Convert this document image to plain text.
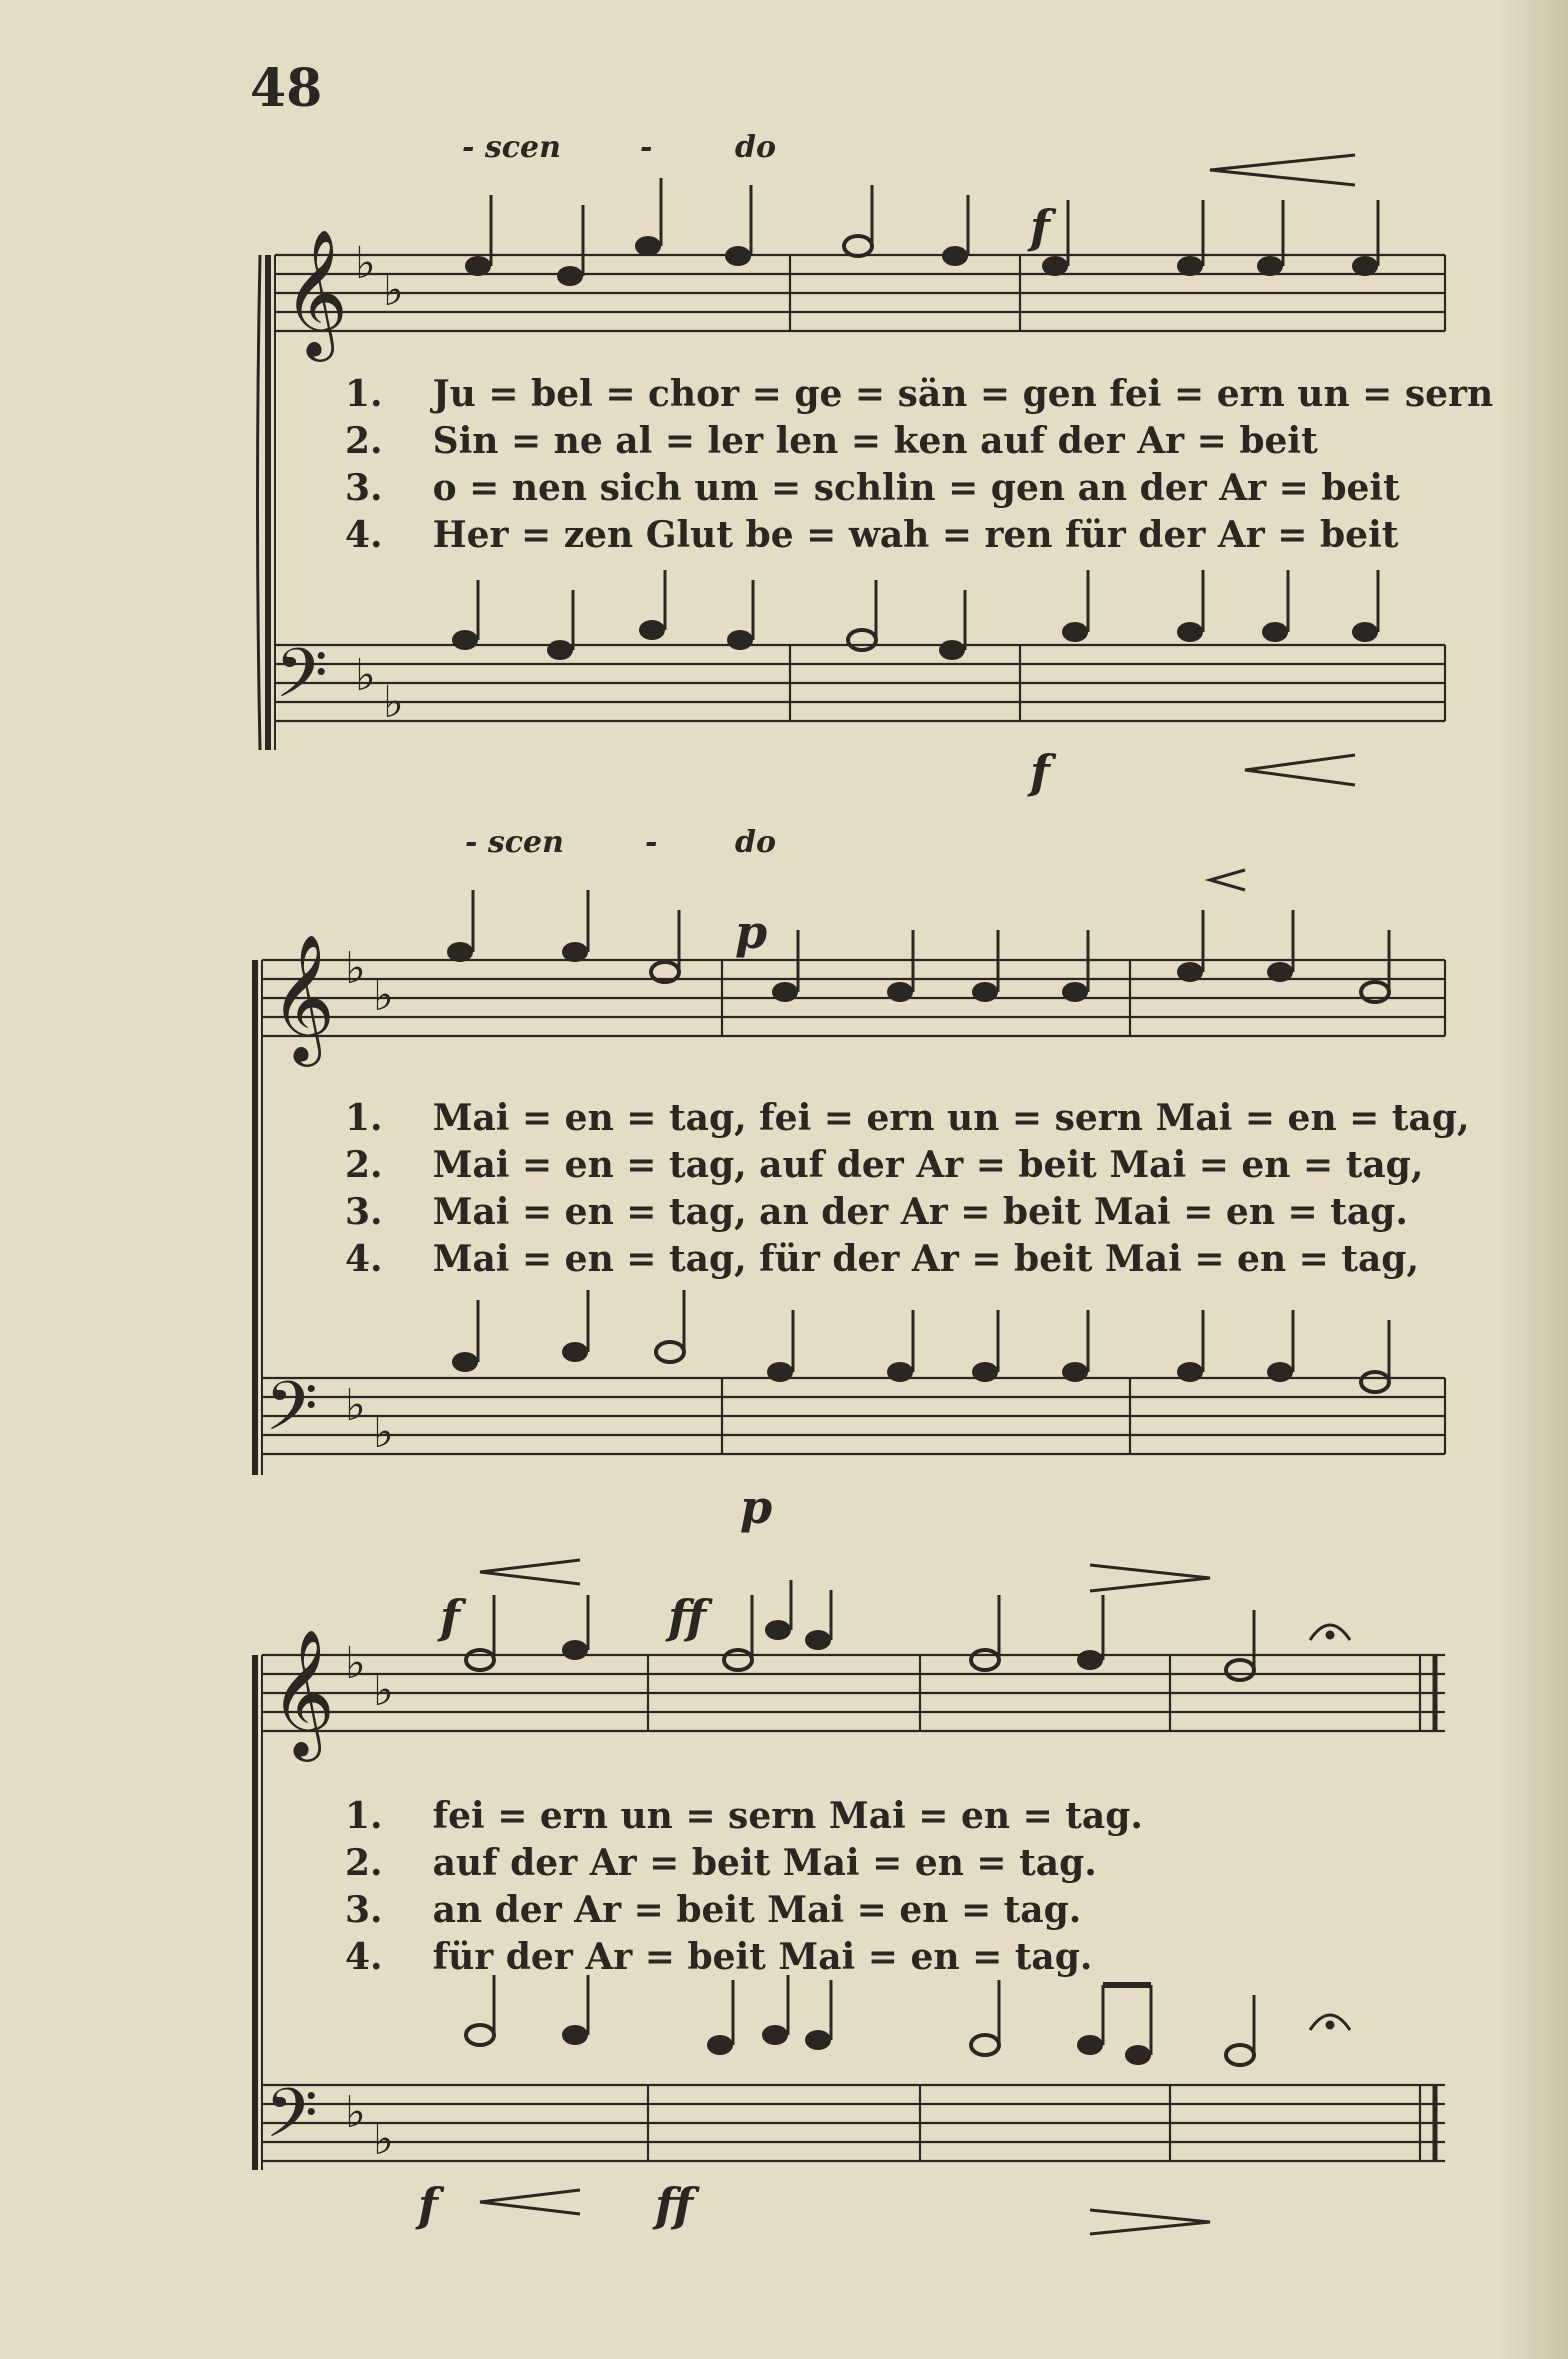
48
- scen	-	do
f
f
1. Ju = bel = chor = ge = sän = gen fei = ern un = sern
2. Sin = ne al = ler len = ken auf der Ar = beit
3. o = nen sich um = schlin = gen an der Ar = beit
4. Her = zen Glut be = wah = ren für der Ar = beit
- scen	-	do
p
p
1. Mai = en = tag, fei = ern un = sern Mai = en = tag,
2. Mai = en = tag, auf der Ar = beit Mai = en = tag,
3. Mai = en = tag, an der Ar = beit Mai = en = tag.
4. Mai = en = tag, für der Ar = beit Mai = en = tag,
f	ff
f	ff
1. fei = ern un = sern Mai = en = tag.
2. auf der Ar = beit Mai = en = tag.
3. an der Ar = beit Mai = en = tag.
4. für der Ar = beit Mai = en = tag.
𝄞
𝄢
𝄞
𝄢
𝄞
𝄢
♭
♭
♭
♭
♭
♭
♭
♭
♭
♭
♭
♭
